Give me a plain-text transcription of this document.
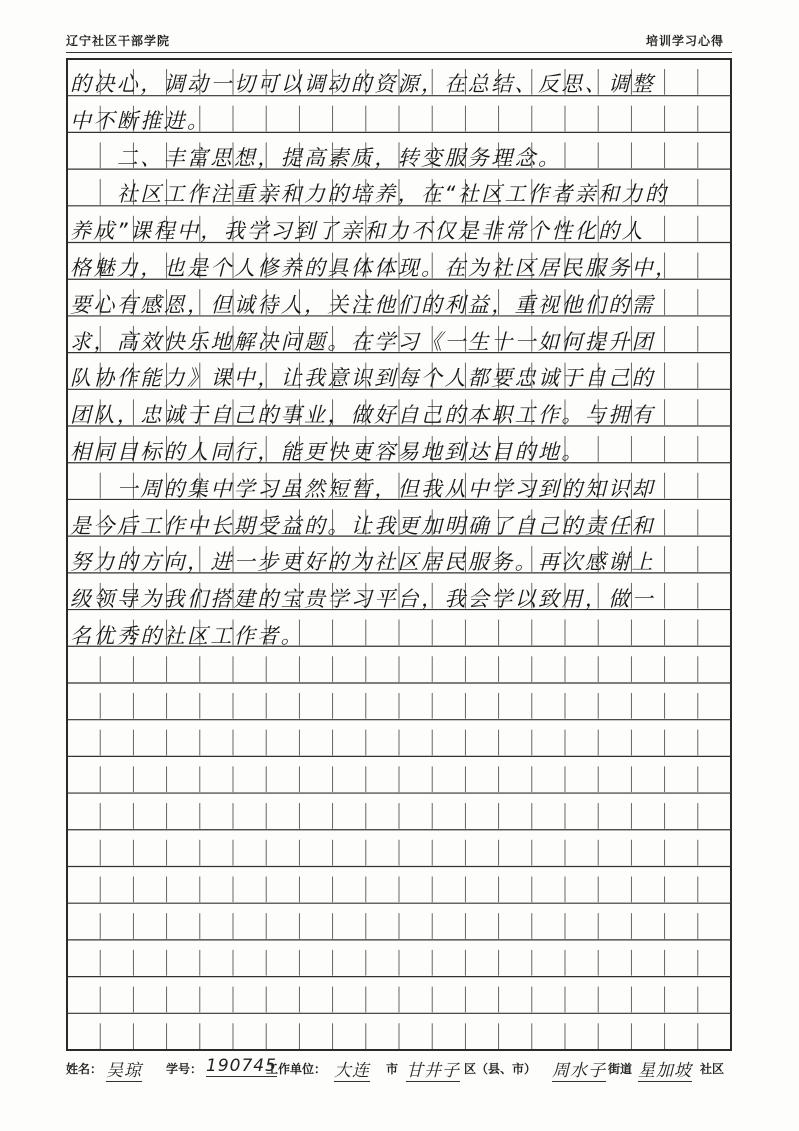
辽宁社区干部学院	培训学习心得
的决心，调动一切可以调动的资源，在总结、反思、调整
中不断推进。
　　二、丰富思想，提高素质，转变服务理念。
　　社区工作注重亲和力的培养，在“社区工作者亲和力的
养成”课程中，我学习到了亲和力不仅是非常个性化的人
格魅力，也是个人修养的具体体现。在为社区居民服务中，
要心有感恩，但诚待人，关注他们的利益，重视他们的需
求，高效快乐地解决问题。在学习《一生十一如何提升团
队协作能力》课中，让我意识到每个人都要忠诚于自己的
团队，忠诚于自己的事业，做好自己的本职工作。与拥有
相同目标的人同行，能更快更容易地到达目的地。
　　一周的集中学习虽然短暂，但我从中学习到的知识却
是今后工作中长期受益的。让我更加明确了自己的责任和
努力的方向，进一步更好的为社区居民服务。再次感谢上
级领导为我们搭建的宝贵学习平台，我会学以致用，做一
名优秀的社区工作者。
姓名： 吴琼 学号： 190745
工作单位： 大连 市 甘井子 区（县、市） 周水子 街道 星加坡 社区
